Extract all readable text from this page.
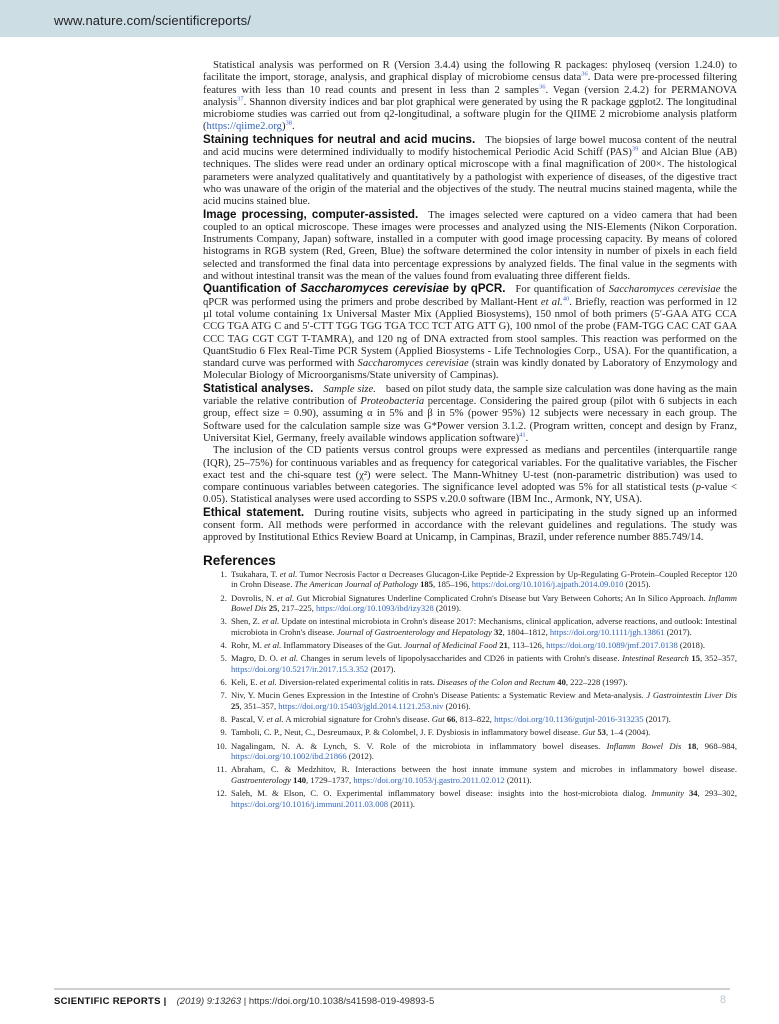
www.nature.com/scientificreports/

Statistical analysis was performed on R (Version 3.4.4) using the following R packages: phyloseq (version 1.24.0) to facilitate the import, storage, analysis, and graphical display of microbiome census data$^{36}$. Data were pre-processed filtering features with less than 10 read counts and present in less than 2 samples$^{36}$. Vegan (version 2.4.2) for PERMANOVA analysis$^{37}$. Shannon diversity indices and bar plot graphical were generated by using the R package ggplot2. The longitudinal microbiome studies was carried out from q2-longitudinal, a software plugin for the QIIME 2 microbiome analysis platform (https://qiime2.org)$^{38}$.

Staining techniques for neutral and acid mucins. The biopsies of large bowel mucosa content of the neutral and acid mucins were determined individually to modify histochemical Periodic Acid Schiff (PAS)$^{39}$ and Alcian Blue (AB) techniques. The slides were read under an ordinary optical microscope with a final magnification of 200×. The histological parameters were analyzed qualitatively and quantitatively by a pathologist with experience of diseases, of the digestive tract who was unaware of the origin of the material and the objectives of the study. The neutral mucins stained magenta, while the acid mucins stained blue.

Image processing, computer-assisted. The images selected were captured on a video camera that had been coupled to an optical microscope. These images were processes and analyzed using the NIS-Elements (Nikon Corporation. Instruments Company, Japan) software, installed in a computer with good image processing capacity. By means of colored histograms in RGB system (Red, Green, Blue) the software determined the color intensity in number of pixels in each field selected and transformed the final data into percentage expressions by analyzed fields. The final value in the segments with and without intestinal transit was the mean of the values found from evaluating three different fields.

Quantification of Saccharomyces cerevisiae by qPCR. For quantification of Saccharomyces cerevisiae the qPCR was performed using the primers and probe described by Mallant-Hent et al.$^{40}$. Briefly, reaction was performed in 12 µl total volume containing 1x Universal Master Mix (Applied Biosystems), 150 nmol of both primers (5′-GAA ATG CCA CCG TGA ATG C and 5′-CTT TGG TGG TGA TCC TCT ATG ATT G), 100 nmol of the probe (FAM-TGG CAC CAT GAA CCC TAG CGT CGT T-TAMRA), and 120 ng of DNA extracted from stool samples. This reaction was performed on the QuantStudio 6 Flex Real-Time PCR System (Applied Biosystems - Life Technologies Corp., USA). For the quantification, a standard curve was performed with Saccharomyces cerevisiae (strain was kindly donated by Laboratory of Enzymology and Molecular Biology of Microorganisms/State university of Campinas).

Statistical analyses. Sample size. based on pilot study data, the sample size calculation was done having as the main variable the relative contribution of Proteobacteria percentage. Considering the paired group (pilot with 6 subjects in each group, effect size = 0.90), assuming α in 5% and β in 5% (power 95%) 12 subjects were necessary in each group. The Software used for the calculation sample size was G*Power version 3.1.2. (Program written, concept and design by Franz, Universitat Kiel, Germany, freely available windows application software)$^{41}$.

The inclusion of the CD patients versus control groups were expressed as medians and percentiles (interquartile range (IQR), 25–75%) for continuous variables and as frequency for categorical variables. For the qualitative variables, the Fischer exact test and the chi-square test (χ²) were select. The Mann-Whitney U-test (non-parametric distribution) was used to compare continuous variables between categories. The significance level adopted was 5% for all statistical tests (p-value < 0.05). Statistical analyses were used according to SSPS v.20.0 software (IBM Inc., Armonk, NY, USA).

Ethical statement. During routine visits, subjects who agreed in participating in the study signed up an informed consent form. All methods were performed in accordance with the relevant guidelines and regulations. The study was approved by Institutional Ethics Review Board at Unicamp, in Campinas, Brazil, under reference number 885.749/14.

References
1. Tsukahara, T. et al. Tumor Necrosis Factor α Decreases Glucagon-Like Peptide-2 Expression by Up-Regulating G-Protein–Coupled Receptor 120 in Crohn Disease. The American Journal of Pathology 185, 185–196, https://doi.org/10.1016/j.ajpath.2014.09.010 (2015).
2. Dovrolis, N. et al. Gut Microbial Signatures Underline Complicated Crohn's Disease but Vary Between Cohorts; An In Silico Approach. Inflamm Bowel Dis 25, 217–225, https://doi.org/10.1093/ibd/izy328 (2019).
3. Shen, Z. et al. Update on intestinal microbiota in Crohn's disease 2017: Mechanisms, clinical application, adverse reactions, and outlook: Intestinal microbiota in Crohn's disease. Journal of Gastroenterology and Hepatology 32, 1804–1812, https://doi.org/10.1111/jgh.13861 (2017).
4. Rohr, M. et al. Inflammatory Diseases of the Gut. Journal of Medicinal Food 21, 113–126, https://doi.org/10.1089/jmf.2017.0138 (2018).
5. Magro, D. O. et al. Changes in serum levels of lipopolysaccharides and CD26 in patients with Crohn's disease. Intestinal Research 15, 352–357, https://doi.org/10.5217/ir.2017.15.3.352 (2017).
6. Keli, E. et al. Diversion-related experimental colitis in rats. Diseases of the Colon and Rectum 40, 222–228 (1997).
7. Niv, Y. Mucin Genes Expression in the Intestine of Crohn's Disease Patients: a Systematic Review and Meta-analysis. J Gastrointestin Liver Dis 25, 351–357, https://doi.org/10.15403/jgld.2014.1121.253.niv (2016).
8. Pascal, V. et al. A microbial signature for Crohn's disease. Gut 66, 813–822, https://doi.org/10.1136/gutjnl-2016-313235 (2017).
9. Tamboli, C. P., Neut, C., Desreumaux, P. & Colombel, J. F. Dysbiosis in inflammatory bowel disease. Gut 53, 1–4 (2004).
10. Nagalingam, N. A. & Lynch, S. V. Role of the microbiota in inflammatory bowel diseases. Inflamm Bowel Dis 18, 968–984, https://doi.org/10.1002/ibd.21866 (2012).
11. Abraham, C. & Medzhitov, R. Interactions between the host innate immune system and microbes in inflammatory bowel disease. Gastroenterology 140, 1729–1737, https://doi.org/10.1053/j.gastro.2011.02.012 (2011).
12. Saleh, M. & Elson, C. O. Experimental inflammatory bowel disease: insights into the host-microbiota dialog. Immunity 34, 293–302, https://doi.org/10.1016/j.immuni.2011.03.008 (2011).
SCIENTIFIC REPORTS | (2019) 9:13263 | https://doi.org/10.1038/s41598-019-49893-5	8
